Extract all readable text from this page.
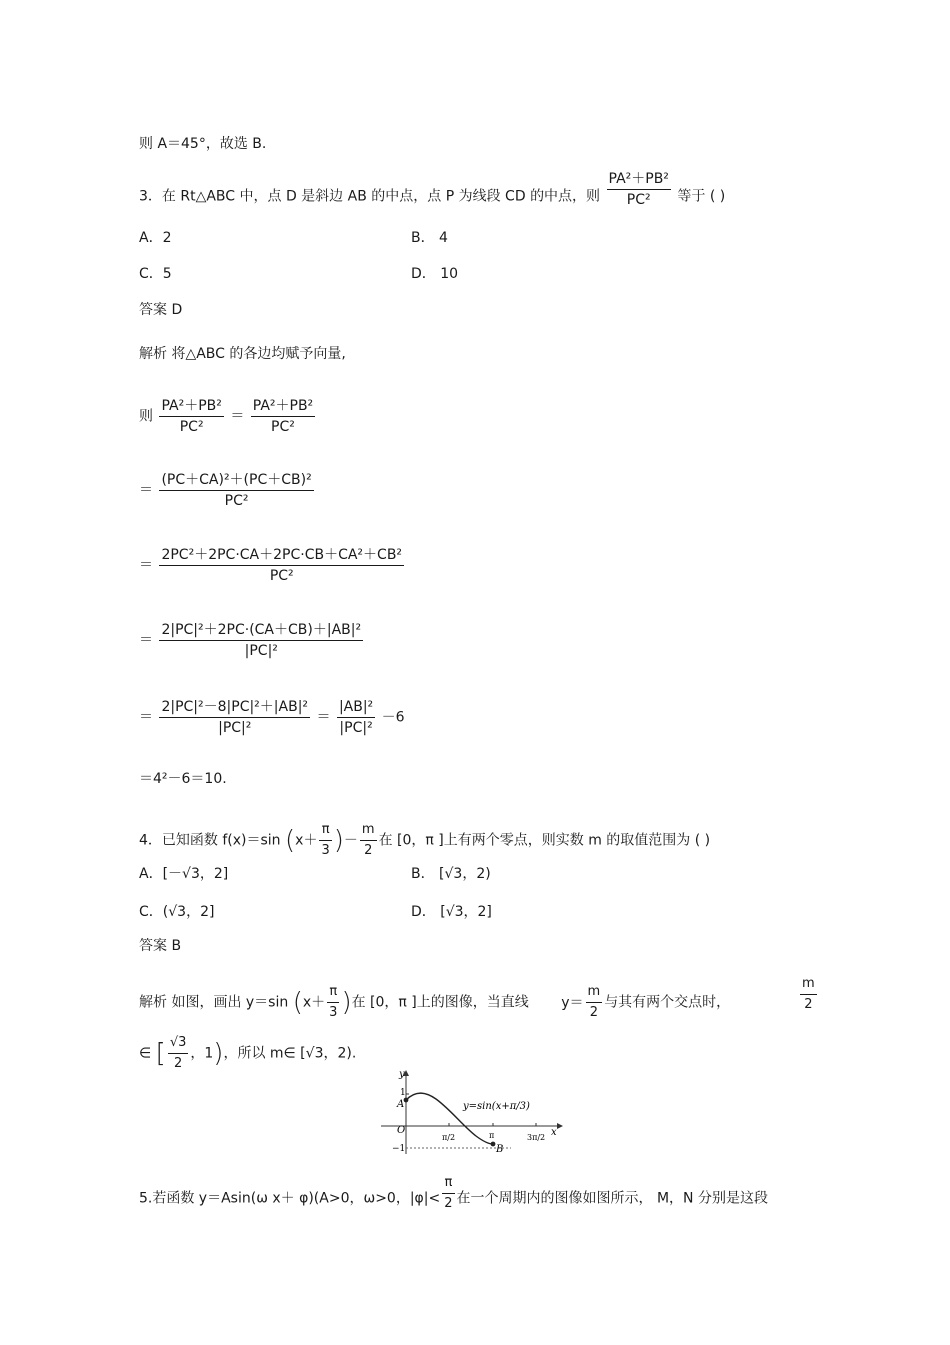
则 A＝45°，故选 B.
3．在 Rt△ABC 中，点 D 是斜边 AB 的中点，点 P 为线段 CD 的中点，则 $\frac{\text{PA²＋PB²}}{\text{PC²}}$ 等于 ( )
A．2	B． 4
C．5	D． 10
答案 D
解析 将△ABC 的各边均赋予向量,
则 $\frac{\text{PA²＋PB²}}{\text{PC²}} = \frac{\text{PA²＋PB²}}{\text{PC²}}$
＝ $\frac{\text{(PC＋CA)²＋(PC＋CB)²}}{\text{PC²}}$
＝ $\frac{\text{2PC²＋2PC·CA＋2PC·CB＋CA²＋CB²}}{\text{PC²}}$
＝ $\frac{\text{2|PC|²＋2PC·(CA＋CB)＋|AB|²}}{\text{|PC|²}}$
＝ $\frac{\text{2|PC|²－8|PC|²＋|AB|²}}{\text{|PC|²}} = \frac{\text{|AB|²}}{\text{|PC|²}} -6$
＝4²－6＝10.
4．已知函数 f(x)＝sin ($x+ \frac{\pi}{3}$ )－ $\frac{m}{2}$ 在 [0，π ]上有两个零点，则实数 m 的取值范围为 ( )
A．[－√3，2]	B． [√3，2)
C．(√3，2]	D． [√3，2]
答案 B
解析 如图，画出 y＝sin ($x+ \frac{\pi}{3}$ )在 [0，π ]上的图像，当直线 $y= \frac{m}{2}$ 与其有两个交点时，	$\frac{m}{2}$
∈ [ $\frac{√3}{2}$ ，1)，所以 m∈ [√3，2).
y
x
O
1
−1
A
B
π/2	π	3π/2
y=sin(x+π/3)
5.若函数 y＝Asin(ω x＋ φ)(A>0，ω>0，$|\varphi|< \frac{\pi}{2}$ 在一个周期内的图像如图所示， M，N 分别是这段
